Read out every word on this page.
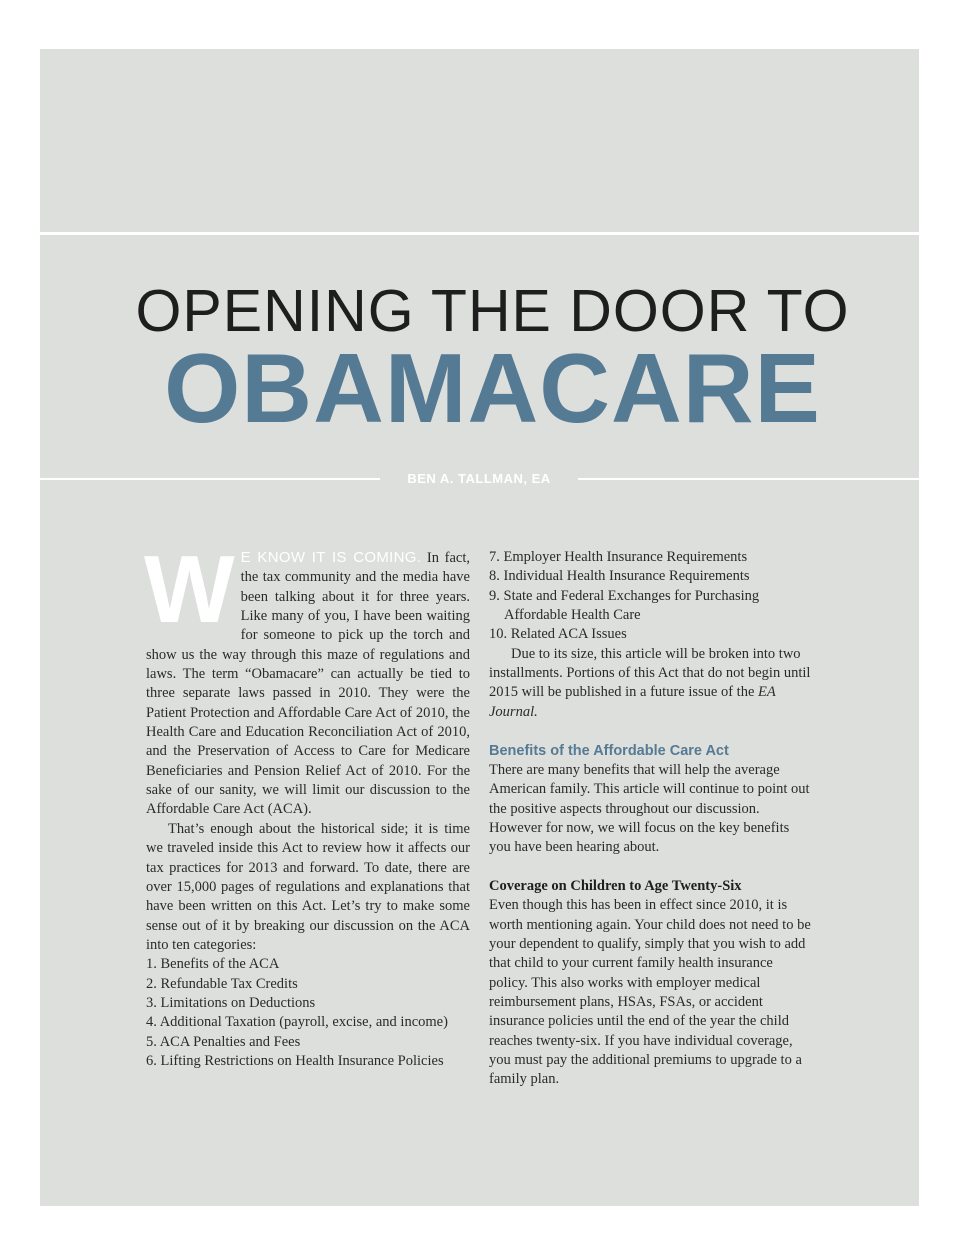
OPENING THE DOOR TO
OBAMACARE
BEN A. TALLMAN, EA

W E KNOW IT IS COMING. In fact, the tax community and the media have been talking about it for three years. Like many of you, I have been waiting for someone to pick up the torch and show us the way through this maze of regulations and laws. The term “Obamacare” can actually be tied to three separate laws passed in 2010. They were the Patient Protection and Affordable Care Act of 2010, the Health Care and Education Reconciliation Act of 2010, and the Preservation of Access to Care for Medicare Beneficiaries and Pension Relief Act of 2010. For the sake of our sanity, we will limit our discussion to the Affordable Care Act (ACA).

That’s enough about the historical side; it is time we traveled inside this Act to review how it affects our tax practices for 2013 and forward. To date, there are over 15,000 pages of regulations and explanations that have been written on this Act. Let’s try to make some sense out of it by breaking our discussion on the ACA into ten categories:

1. Benefits of the ACA
2. Refundable Tax Credits
3. Limitations on Deductions
4. Additional Taxation (payroll, excise, and income)
5. ACA Penalties and Fees
6. Lifting Restrictions on Health Insurance Policies
7. Employer Health Insurance Requirements
8. Individual Health Insurance Requirements
9. State and Federal Exchanges for Purchasing
Affordable Health Care
10. Related ACA Issues

Due to its size, this article will be broken into two installments. Portions of this Act that do not begin until 2015 will be published in a future issue of the EA Journal.

Benefits of the Affordable Care Act

There are many benefits that will help the average American family. This article will continue to point out the positive aspects throughout our discussion. However for now, we will focus on the key benefits you have been hearing about.

Coverage on Children to Age Twenty-Six

Even though this has been in effect since 2010, it is worth mentioning again. Your child does not need to be your dependent to qualify, simply that you wish to add that child to your current family health insurance policy. This also works with employer medical reimbursement plans, HSAs, FSAs, or accident insurance policies until the end of the year the child reaches twenty-six. If you have individual coverage, you must pay the additional premiums to upgrade to a family plan.
